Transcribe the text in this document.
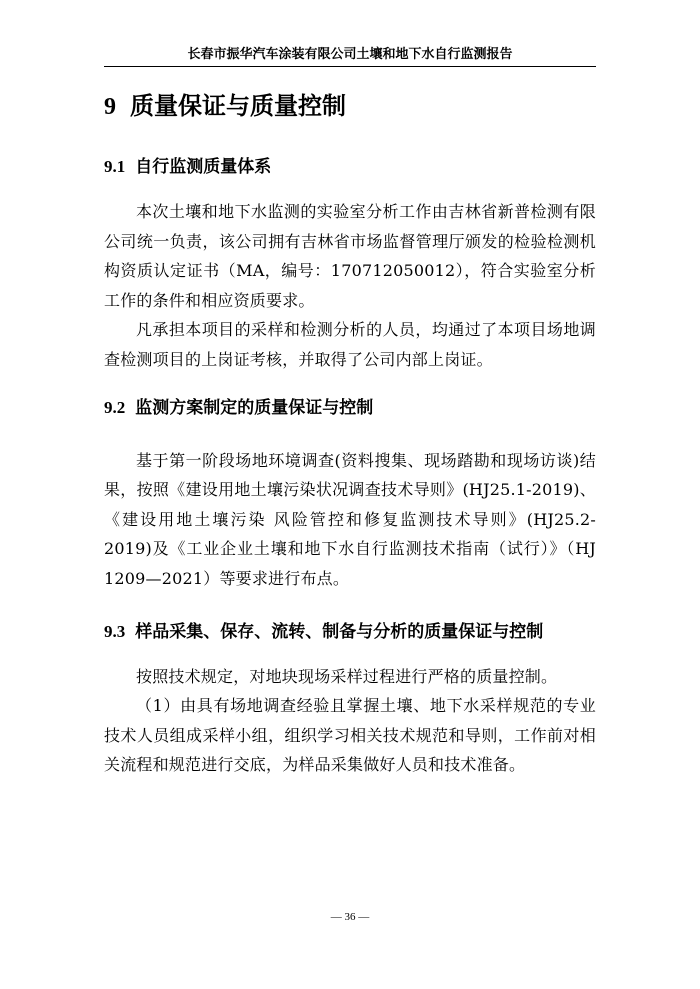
长春市振华汽车涂装有限公司土壤和地下水自行监测报告
9 质量保证与质量控制
9.1 自行监测质量体系

本次土壤和地下水监测的实验室分析工作由吉林省新普检测有限公司统一负责，该公司拥有吉林省市场监督管理厅颁发的检验检测机构资质认定证书（MA，编号：170712050012），符合实验室分析工作的条件和相应资质要求。

凡承担本项目的采样和检测分析的人员，均通过了本项目场地调查检测项目的上岗证考核，并取得了公司内部上岗证。

9.2 监测方案制定的质量保证与控制

基于第一阶段场地环境调查(资料搜集、现场踏勘和现场访谈)结果，按照《建设用地土壤污染状况调查技术导则》(HJ25.1-2019)、《建设用地土壤污染 风险管控和修复监测技术导则》(HJ25.2-2019)及《工业企业土壤和地下水自行监测技术指南（试行）》（HJ 1209—2021）等要求进行布点。

9.3 样品采集、保存、流转、制备与分析的质量保证与控制

按照技术规定，对地块现场采样过程进行严格的质量控制。

（1）由具有场地调查经验且掌握土壤、地下水采样规范的专业技术人员组成采样小组，组织学习相关技术规范和导则，工作前对相关流程和规范进行交底，为样品采集做好人员和技术准备。

— 36 —
